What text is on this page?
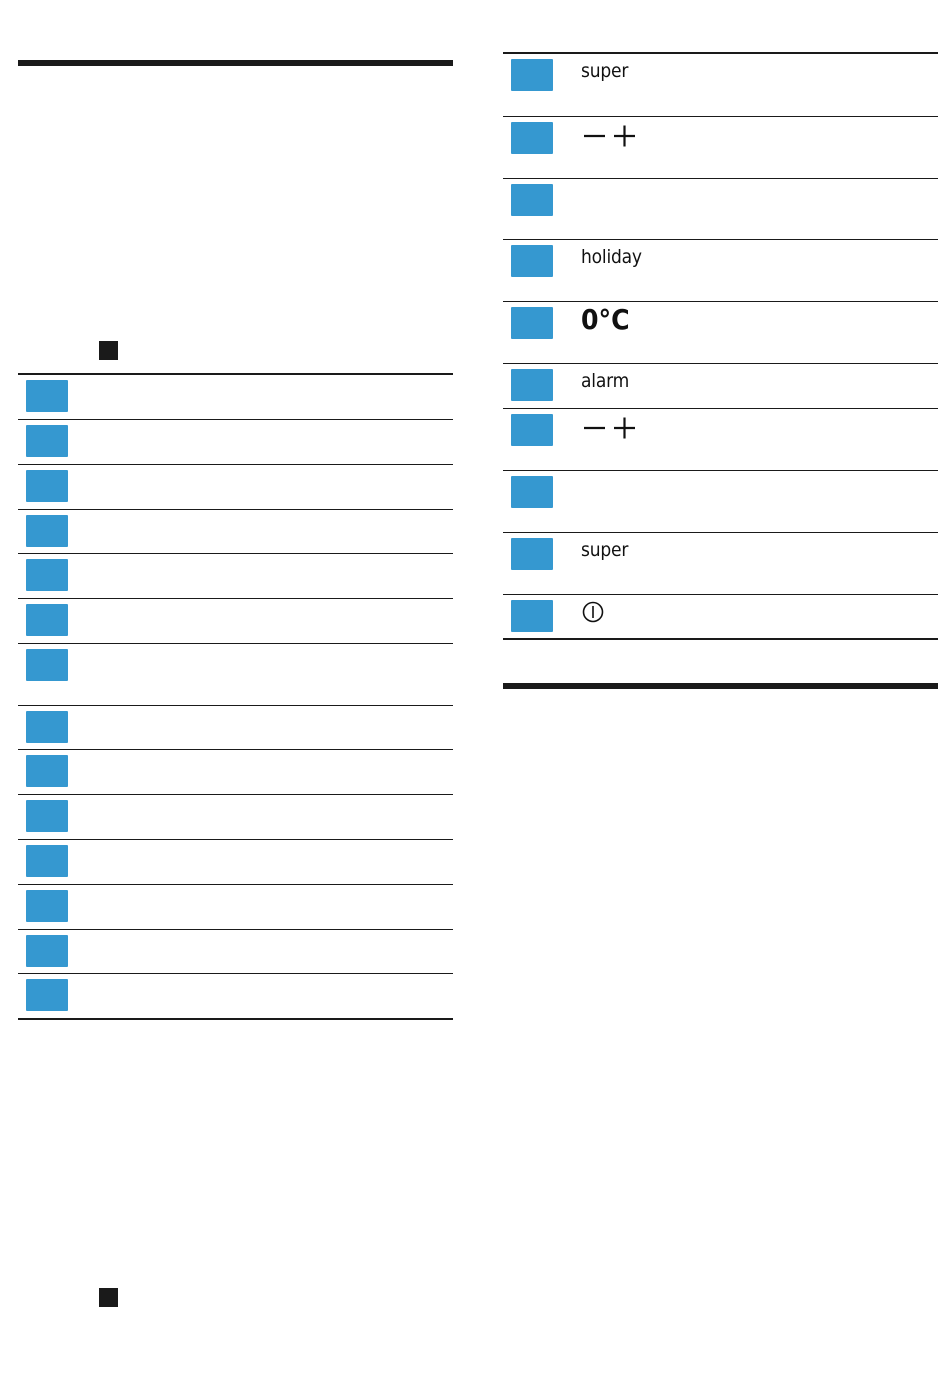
super
holiday
0°C
alarm
super
